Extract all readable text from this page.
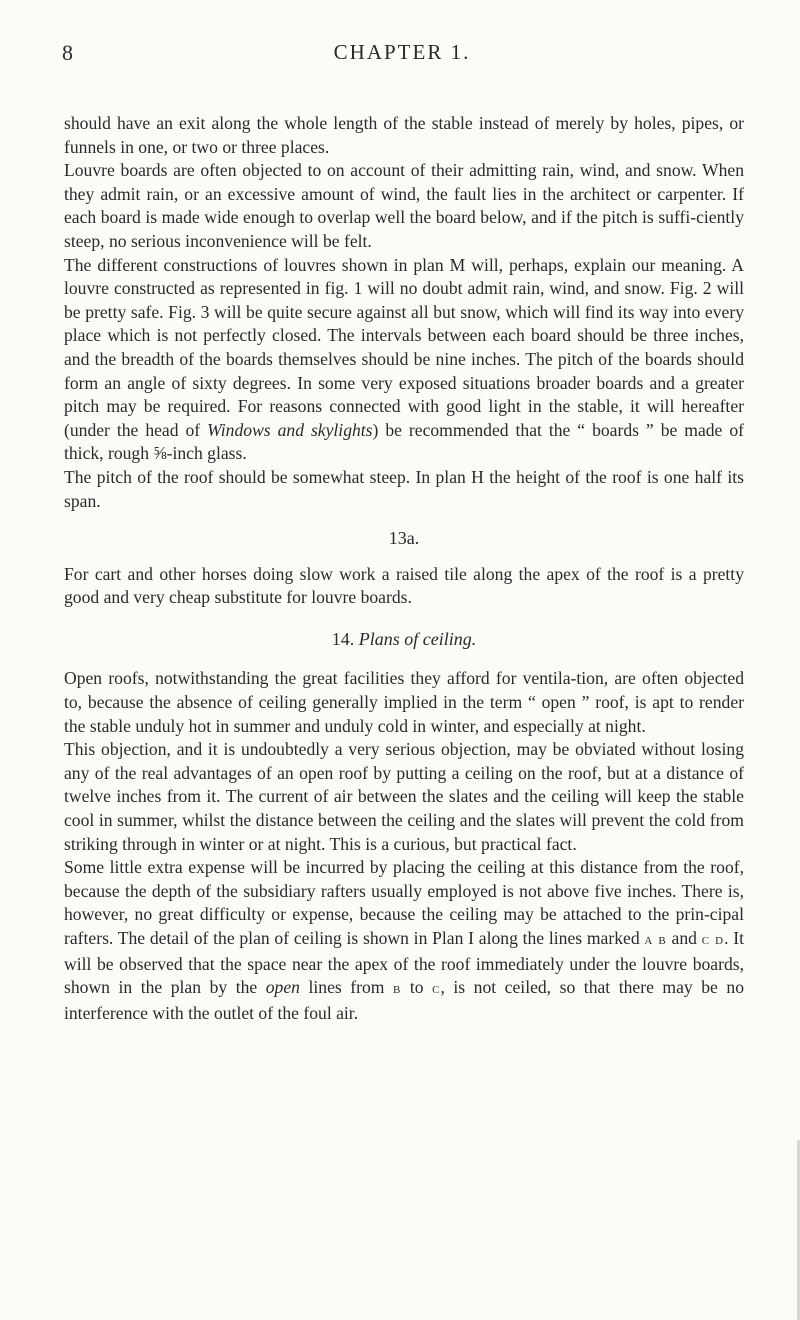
8	CHAPTER 1.

should have an exit along the whole length of the stable instead of merely by holes, pipes, or funnels in one, or two or three places.

Louvre boards are often objected to on account of their admitting rain, wind, and snow. When they admit rain, or an excessive amount of wind, the fault lies in the architect or carpenter. If each board is made wide enough to overlap well the board below, and if the pitch is suffi-ciently steep, no serious inconvenience will be felt.

The different constructions of louvres shown in plan M will, perhaps, explain our meaning. A louvre constructed as represented in fig. 1 will no doubt admit rain, wind, and snow. Fig. 2 will be pretty safe. Fig. 3 will be quite secure against all but snow, which will find its way into every place which is not perfectly closed. The intervals between each board should be three inches, and the breadth of the boards themselves should be nine inches. The pitch of the boards should form an angle of sixty degrees. In some very exposed situations broader boards and a greater pitch may be required. For reasons connected with good light in the stable, it will hereafter (under the head of Windows and skylights) be recommended that the “ boards ” be made of thick, rough ⅝-inch glass.

The pitch of the roof should be somewhat steep. In plan H the height of the roof is one half its span.

13a.

For cart and other horses doing slow work a raised tile along the apex of the roof is a pretty good and very cheap substitute for louvre boards.

14. Plans of ceiling.

Open roofs, notwithstanding the great facilities they afford for ventila-tion, are often objected to, because the absence of ceiling generally implied in the term “ open ” roof, is apt to render the stable unduly hot in summer and unduly cold in winter, and especially at night.

This objection, and it is undoubtedly a very serious objection, may be obviated without losing any of the real advantages of an open roof by putting a ceiling on the roof, but at a distance of twelve inches from it. The current of air between the slates and the ceiling will keep the stable cool in summer, whilst the distance between the ceiling and the slates will prevent the cold from striking through in winter or at night. This is a curious, but practical fact.

Some little extra expense will be incurred by placing the ceiling at this distance from the roof, because the depth of the subsidiary rafters usually employed is not above five inches. There is, however, no great difficulty or expense, because the ceiling may be attached to the prin-cipal rafters. The detail of the plan of ceiling is shown in Plan I along the lines marked a b and c d. It will be observed that the space near the apex of the roof immediately under the louvre boards, shown in the plan by the open lines from b to c, is not ceiled, so that there may be no interference with the outlet of the foul air.
